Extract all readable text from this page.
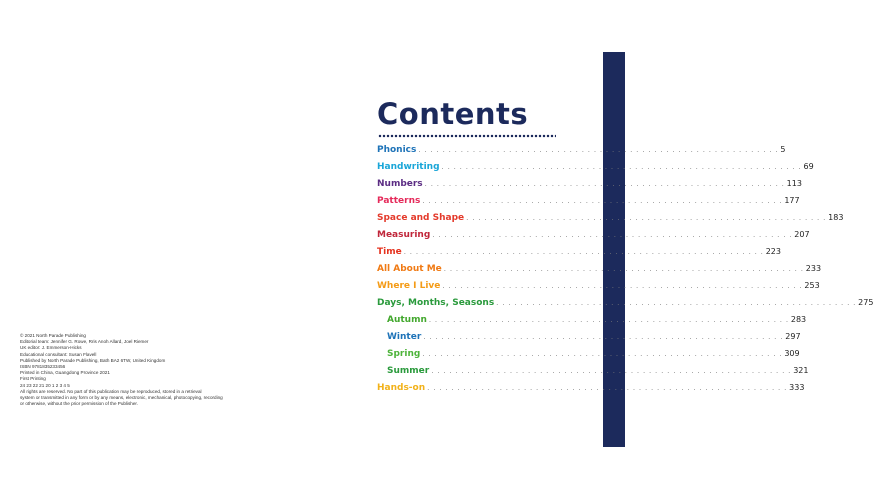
© 2021 North Parade Publishing
Editorial team: Jennifer G. Rowe, Rris Anoh Allard, Joel Riemer
UK editor: J. Emmerson-Hicks
Educational consultant: Susan Flavell
Published by North Parade Publishing, Bath BA2 6TW, United Kingdom
ISBN 9781835233456
Printed in China, Guangdong Province 2021
First Printing
24 23 22 21 20 1 2 3 4 5
All rights are reserved. No part of this publication may be reproduced, stored in a retrieval
system or transmitted in any form or by any means, electronic, mechanical, photocopying, recording
or otherwise, without the prior permission of the Publisher.
Contents
Phonics . . . . . . . . . . . . . . . . . . . . . . . . . . . . . . . . . . . . . . . . . . . . . . . . . . . . . . . . . . . . 5
Handwriting . . . . . . . . . . . . . . . . . . . . . . . . . . . . . . . . . . . . . . . . . . . . . . . . . . . . . . . . . . . . 69
Numbers . . . . . . . . . . . . . . . . . . . . . . . . . . . . . . . . . . . . . . . . . . . . . . . . . . . . . . . . . . . . 113
Patterns . . . . . . . . . . . . . . . . . . . . . . . . . . . . . . . . . . . . . . . . . . . . . . . . . . . . . . . . . . . . 177
Space and Shape . . . . . . . . . . . . . . . . . . . . . . . . . . . . . . . . . . . . . . . . . . . . . . . . . . . . . . . . . . . . 183
Measuring . . . . . . . . . . . . . . . . . . . . . . . . . . . . . . . . . . . . . . . . . . . . . . . . . . . . . . . . . . . . 207
Time . . . . . . . . . . . . . . . . . . . . . . . . . . . . . . . . . . . . . . . . . . . . . . . . . . . . . . . . . . . . 223
All About Me . . . . . . . . . . . . . . . . . . . . . . . . . . . . . . . . . . . . . . . . . . . . . . . . . . . . . . . . . . . . 233
Where I Live . . . . . . . . . . . . . . . . . . . . . . . . . . . . . . . . . . . . . . . . . . . . . . . . . . . . . . . . . . . . 253
Days, Months, Seasons . . . . . . . . . . . . . . . . . . . . . . . . . . . . . . . . . . . . . . . . . . . . . . . . . . . . . . . . . . . . 275
Autumn . . . . . . . . . . . . . . . . . . . . . . . . . . . . . . . . . . . . . . . . . . . . . . . . . . . . . . . . . . . . 283
Winter . . . . . . . . . . . . . . . . . . . . . . . . . . . . . . . . . . . . . . . . . . . . . . . . . . . . . . . . . . . . 297
Spring . . . . . . . . . . . . . . . . . . . . . . . . . . . . . . . . . . . . . . . . . . . . . . . . . . . . . . . . . . . . 309
Summer . . . . . . . . . . . . . . . . . . . . . . . . . . . . . . . . . . . . . . . . . . . . . . . . . . . . . . . . . . . . 321
Hands-on . . . . . . . . . . . . . . . . . . . . . . . . . . . . . . . . . . . . . . . . . . . . . . . . . . . . . . . . . . . . 333
